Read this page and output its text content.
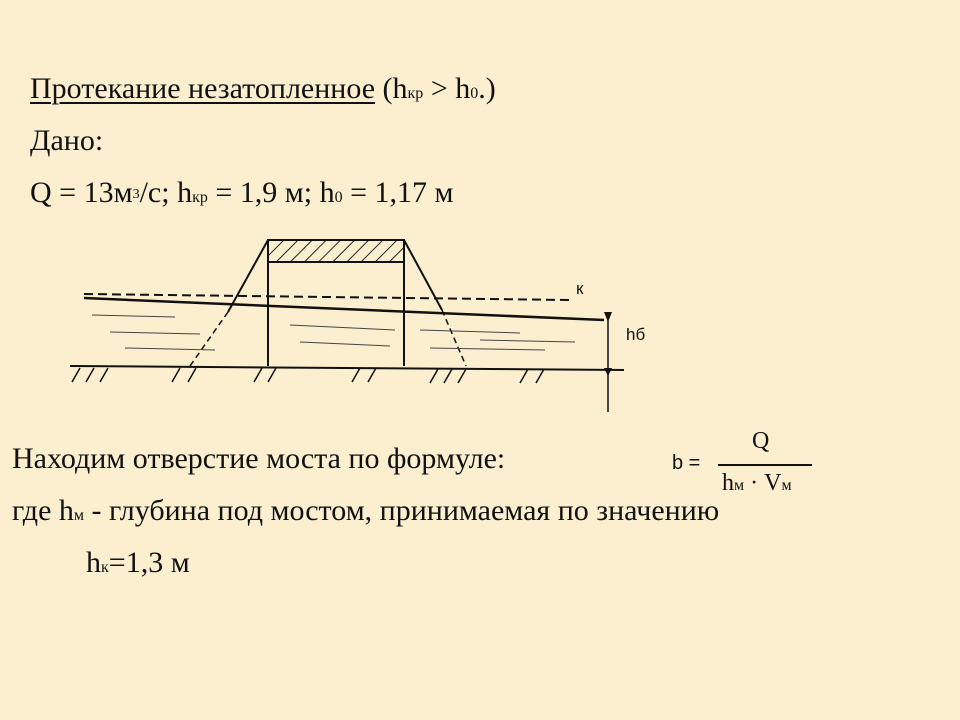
Протекание незатопленное (hкр > h0.)
Дано:
$Q = 13м^3/с$; hкр = 1,9 м; h0 = 1,17 м
к
hб
b =
Q
hм · Vм
Находим отверстие моста по формуле:
где hм - глубина под мостом, принимаемая по значению
hк=1,3 м
